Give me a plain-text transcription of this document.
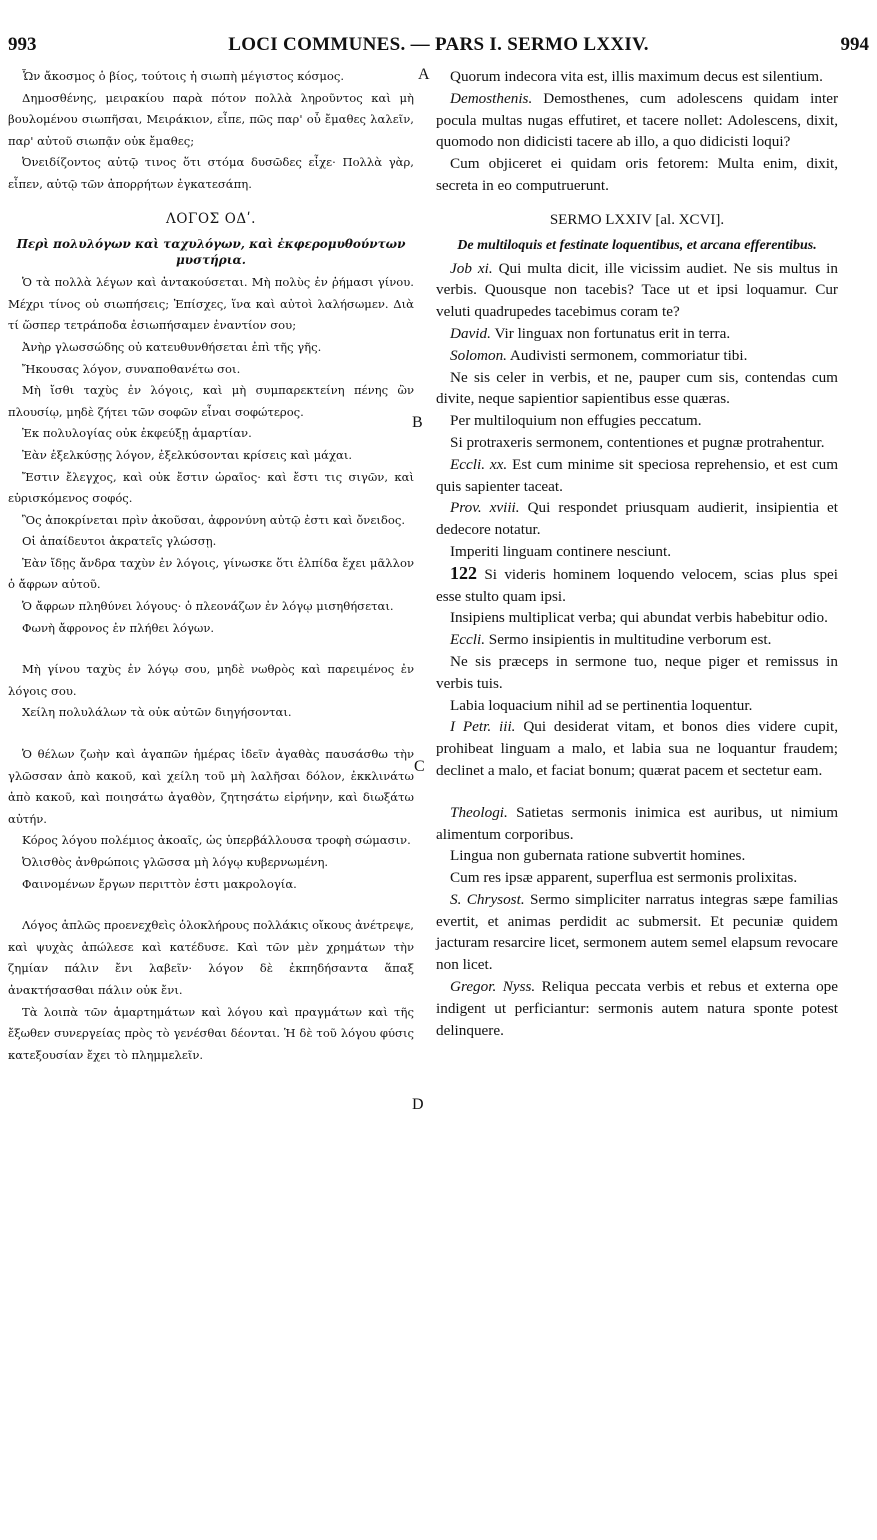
993	LOCI COMMUNES. — PARS I. SERMO LXXIV.	994
A
B
C
D

Ὧν ἄκοσμος ὁ βίος, τούτοις ἡ σιωπὴ μέγιστος κόσμος.

Δημοσθένης, μειρακίου παρὰ πότον πολλὰ ληροῦντος καὶ μὴ βουλομένου σιωπῆσαι, Μειράκιον, εἶπε, πῶς παρ' οὗ ἔμαθες λαλεῖν, παρ' αὐτοῦ σιωπᾷν οὐκ ἔμαθες;

Ὀνειδίζοντος αὐτῷ τινος ὅτι στόμα δυσῶδες εἶχε· Πολλὰ γὰρ, εἶπεν, αὐτῷ τῶν ἀπορρήτων ἐγκατεσάπη.

ΛΟΓΟΣ ΟΔʹ.

Περὶ πολυλόγων καὶ ταχυλόγων, καὶ ἐκφερομυθούντων μυστήρια.

Ὁ τὰ πολλὰ λέγων καὶ ἀντακούσεται. Μὴ πολὺς ἐν ῥήμασι γίνου. Μέχρι τίνος οὐ σιωπήσεις; Ἐπίσχες, ἵνα καὶ αὐτοὶ λαλήσωμεν. Διὰ τί ὥσπερ τετράποδα ἐσιωπήσαμεν ἐναντίον σου;

Ἀνὴρ γλωσσώδης οὐ κατευθυνθήσεται ἐπὶ τῆς γῆς.

Ἤκουσας λόγον, συναποθανέτω σοι.

Μὴ ἴσθι ταχὺς ἐν λόγοις, καὶ μὴ συμπαρεκτείνη πένης ὢν πλουσίῳ, μηδὲ ζήτει τῶν σοφῶν εἶναι σοφώτερος.

Ἐκ πολυλογίας οὐκ ἐκφεύξῃ ἁμαρτίαν.

Ἐὰν ἐξελκύσῃς λόγον, ἐξελκύσονται κρίσεις καὶ μάχαι.

Ἔστιν ἔλεγχος, καὶ οὐκ ἔστιν ὡραῖος· καὶ ἔστι τις σιγῶν, καὶ εὑρισκόμενος σοφός.

Ὃς ἀποκρίνεται πρὶν ἀκοῦσαι, ἀφρονύνη αὐτῷ ἐστι καὶ ὄνειδος.

Οἱ ἀπαίδευτοι ἀκρατεῖς γλώσσῃ.

Ἐὰν ἴδῃς ἄνδρα ταχὺν ἐν λόγοις, γίνωσκε ὅτι ἐλπίδα ἔχει μᾶλλον ὁ ἄφρων αὐτοῦ.

Ὁ ἄφρων πληθύνει λόγους· ὁ πλεονάζων ἐν λόγῳ μισηθήσεται.

Φωνὴ ἄφρονος ἐν πλήθει λόγων.

Μὴ γίνου ταχὺς ἐν λόγῳ σου, μηδὲ νωθρὸς καὶ παρειμένος ἐν λόγοις σου.

Χείλη πολυλάλων τὰ οὐκ αὐτῶν διηγήσονται.

Ὁ θέλων ζωὴν καὶ ἀγαπῶν ἡμέρας ἰδεῖν ἀγαθὰς παυσάσθω τὴν γλῶσσαν ἀπὸ κακοῦ, καὶ χείλη τοῦ μὴ λαλῆσαι δόλον, ἐκκλινάτω ἀπὸ κακοῦ, καὶ ποιησάτω ἀγαθὸν, ζητησάτω εἰρήνην, καὶ διωξάτω αὐτήν.

Κόρος λόγου πολέμιος ἀκοαῖς, ὡς ὑπερβάλλουσα τροφὴ σώμασιν.

Ὀλισθὸς ἀνθρώποις γλῶσσα μὴ λόγῳ κυβερνωμένη.

Φαινομένων ἔργων περιττὸν ἐστι μακρολογία.

Λόγος ἁπλῶς προενεχθεὶς ὁλοκλήρους πολλάκις οἴκους ἀνέτρεψε, καὶ ψυχὰς ἀπώλεσε καὶ κατέδυσε. Καὶ τῶν μὲν χρημάτων τὴν ζημίαν πάλιν ἔνι λαβεῖν· λόγον δὲ ἐκπηδήσαντα ἅπαξ ἀνακτήσασθαι πάλιν οὐκ ἔνι.

Τὰ λοιπὰ τῶν ἁμαρτημάτων καὶ λόγου καὶ πραγμάτων καὶ τῆς ἔξωθεν συνεργείας πρὸς τὸ γενέσθαι δέονται. Ἡ δὲ τοῦ λόγου φύσις κατεξουσίαν ἔχει τὸ πλημμελεῖν.

Quorum indecora vita est, illis maximum decus est silentium.

Demosthenis. Demosthenes, cum adolescens quidam inter pocula multas nugas effutiret, et tacere nollet: Adolescens, dixit, quomodo non didicisti tacere ab illo, a quo didicisti loqui?

Cum objiceret ei quidam oris fetorem: Multa enim, dixit, secreta in eo computruerunt.

SERMO LXXIV [al. XCVI].

De multiloquis et festinate loquentibus, et arcana efferentibus.

Job xi. Qui multa dicit, ille vicissim audiet. Ne sis multus in verbis. Quousque non tacebis? Tace ut et ipsi loquamur. Cur veluti quadrupedes tacebimus coram te?

David. Vir linguax non fortunatus erit in terra.

Solomon. Audivisti sermonem, commoriatur tibi.

Ne sis celer in verbis, et ne, pauper cum sis, contendas cum divite, neque sapientior sapientibus esse quæras.

Per multiloquium non effugies peccatum.

Si protraxeris sermonem, contentiones et pugnæ protrahentur.

Eccli. xx. Est cum minime sit speciosa reprehensio, et est cum quis sapienter taceat.

Prov. xviii. Qui respondet priusquam audierit, insipientia et dedecore notatur.

Imperiti linguam continere nesciunt.

122 Si videris hominem loquendo velocem, scias plus spei esse stulto quam ipsi.

Insipiens multiplicat verba; qui abundat verbis habebitur odio.

Eccli. Sermo insipientis in multitudine verborum est.

Ne sis præceps in sermone tuo, neque piger et remissus in verbis tuis.

Labia loquacium nihil ad se pertinentia loquentur.

I Petr. iii. Qui desiderat vitam, et bonos dies videre cupit, prohibeat linguam a malo, et labia sua ne loquantur fraudem; declinet a malo, et faciat bonum; quærat pacem et sectetur eam.

Theologi. Satietas sermonis inimica est auribus, ut nimium alimentum corporibus.

Lingua non gubernata ratione subvertit homines.

Cum res ipsæ apparent, superflua est sermonis prolixitas.

S. Chrysost. Sermo simpliciter narratus integras sæpe familias evertit, et animas perdidit ac submersit. Et pecuniæ quidem jacturam resarcire licet, sermonem autem semel elapsum revocare non licet.

Gregor. Nyss. Reliqua peccata verbis et rebus et externa ope indigent ut perficiantur: sermonis autem natura sponte potest delinquere.
